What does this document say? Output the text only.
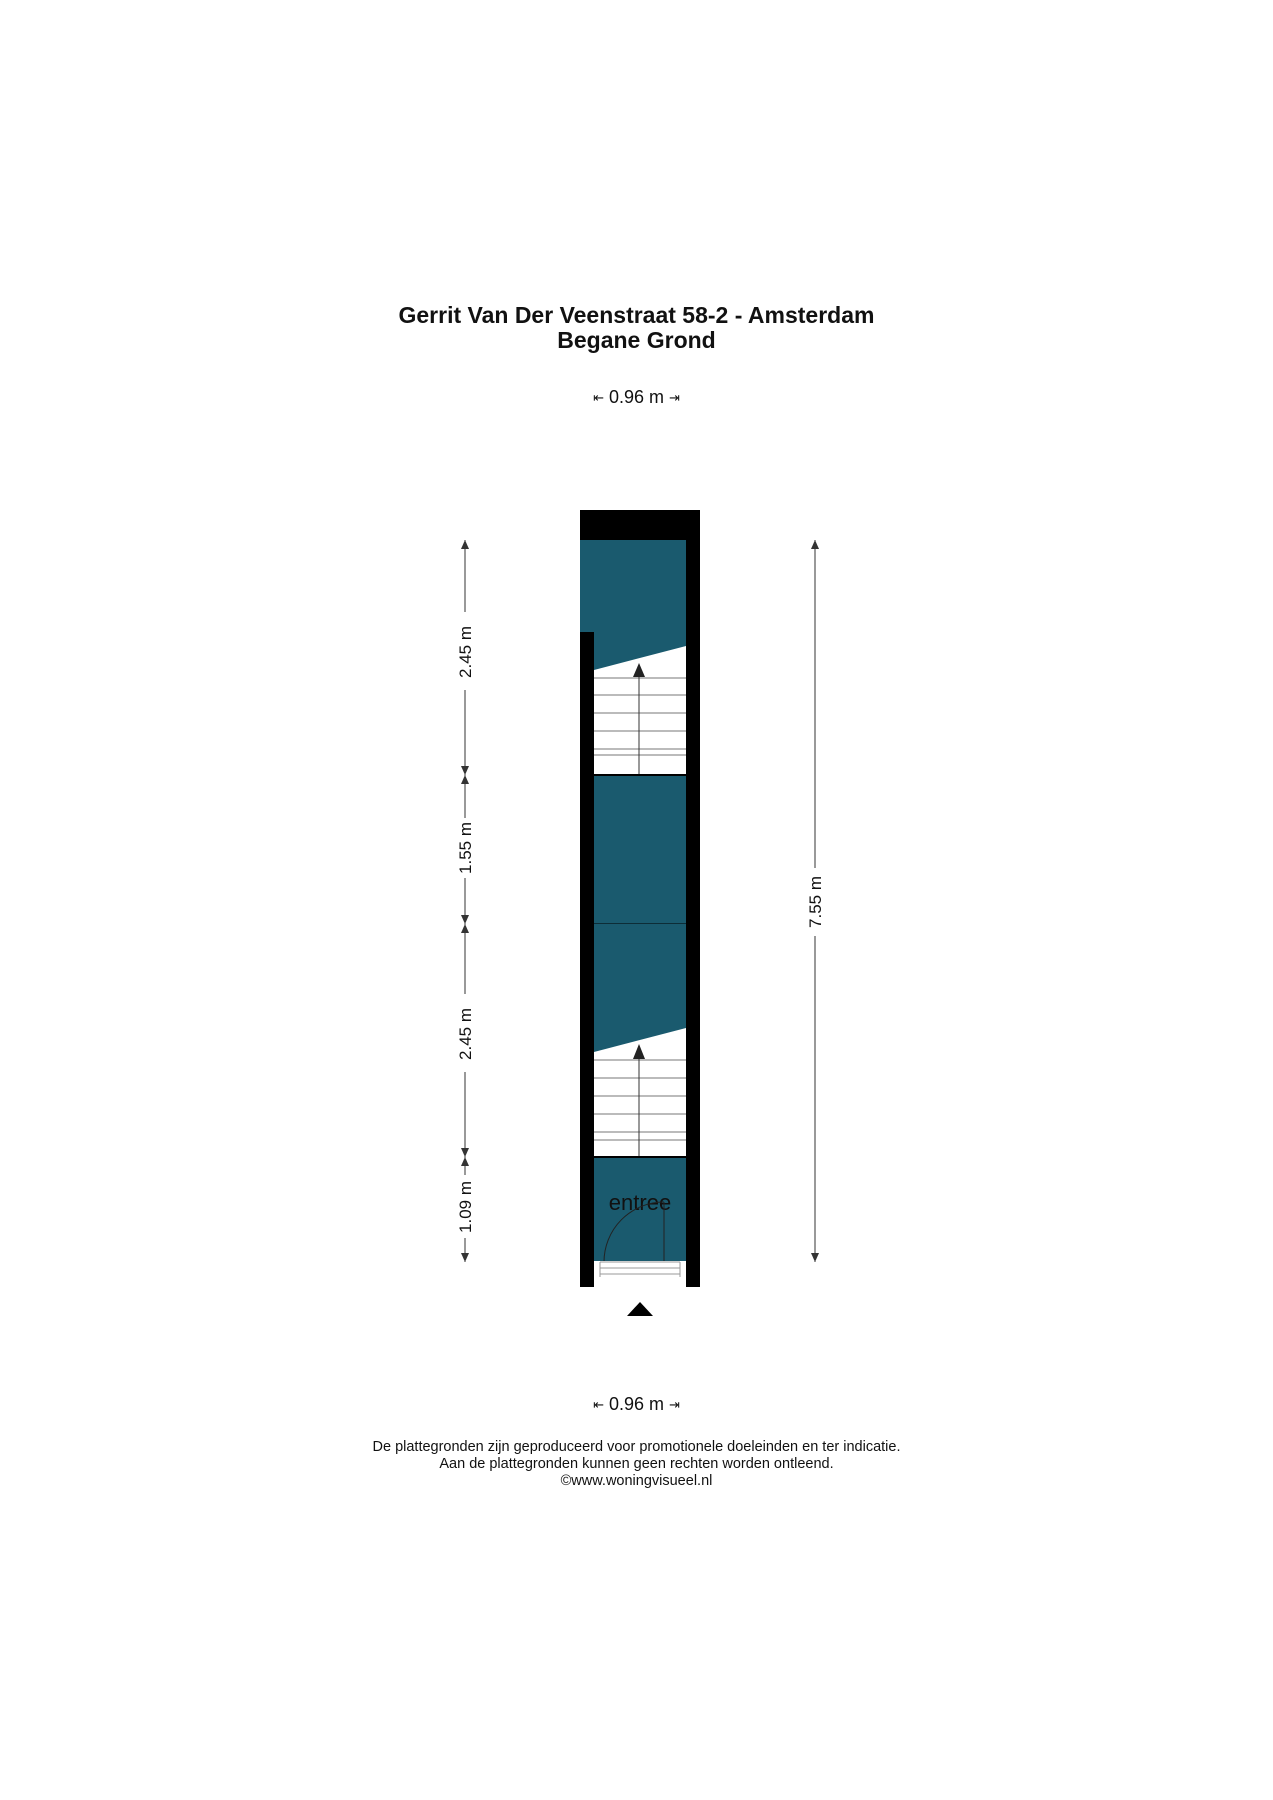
Gerrit Van Der Veenstraat 58-2 - Amsterdam
Begane Grond
⇤ 0.96 m ⇥
entree
2.45 m
1.55 m
2.45 m
1.09 m
7.55 m
⇤ 0.96 m ⇥
De plattegronden zijn geproduceerd voor promotionele doeleinden en ter indicatie.
Aan de plattegronden kunnen geen rechten worden ontleend.
©www.woningvisueel.nl
